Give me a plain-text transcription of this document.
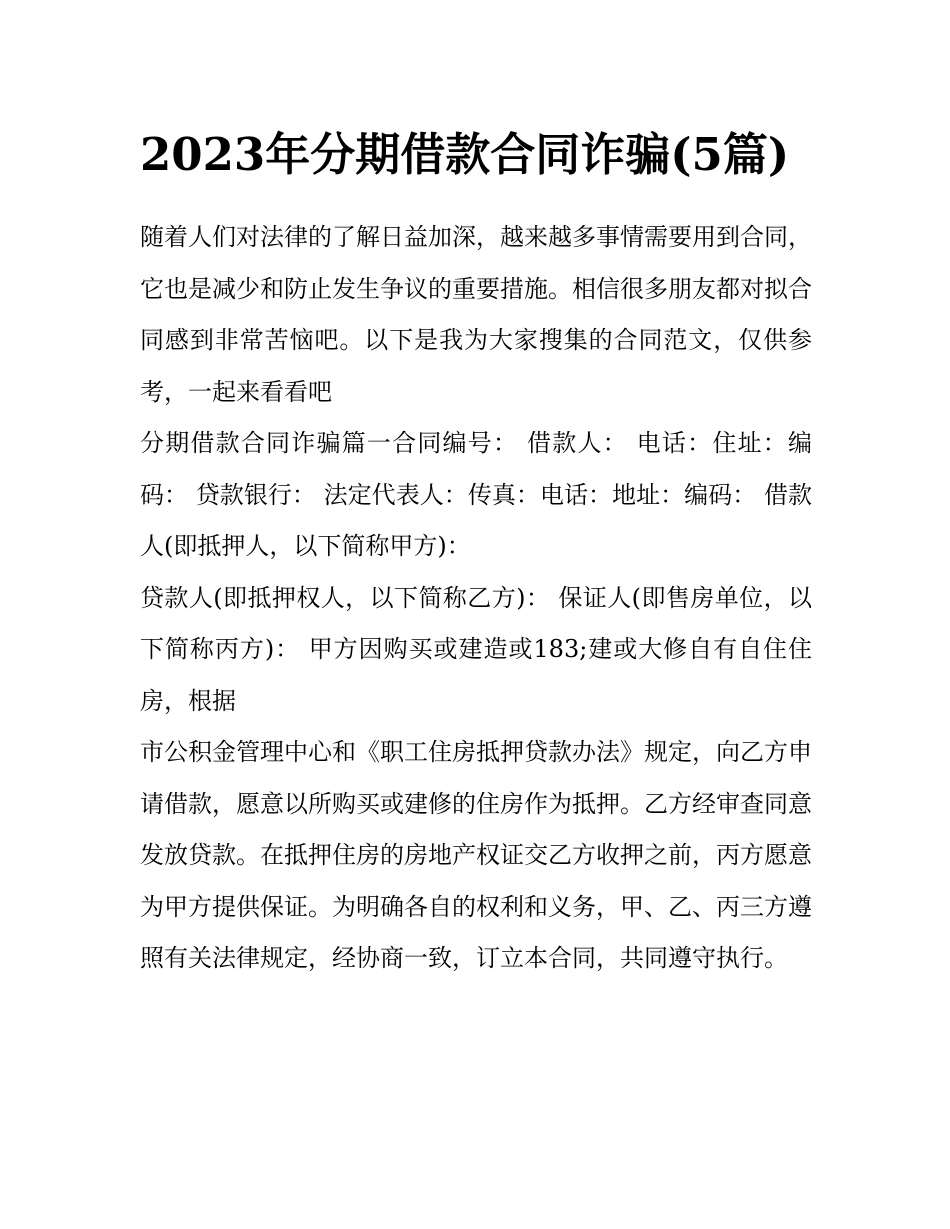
2023年分期借款合同诈骗(5篇)

随着人们对法律的了解日益加深，越来越多事情需要用到合同，它也是减少和防止发生争议的重要措施。相信很多朋友都对拟合同感到非常苦恼吧。以下是我为大家搜集的合同范文，仅供参考，一起来看看吧

分期借款合同诈骗篇一合同编号： 借款人： 电话：住址：编码： 贷款银行： 法定代表人：传真：电话：地址：编码： 借款人(即抵押人，以下简称甲方)：

贷款人(即抵押权人，以下简称乙方)： 保证人(即售房单位，以下简称丙方)： 甲方因购买或建造或183;建或大修自有自住住房，根据

市公积金管理中心和《职工住房抵押贷款办法》规定，向乙方申请借款，愿意以所购买或建修的住房作为抵押。乙方经审查同意发放贷款。在抵押住房的房地产权证交乙方收押之前，丙方愿意为甲方提供保证。为明确各自的权利和义务，甲、乙、丙三方遵照有关法律规定，经协商一致，订立本合同，共同遵守执行。
